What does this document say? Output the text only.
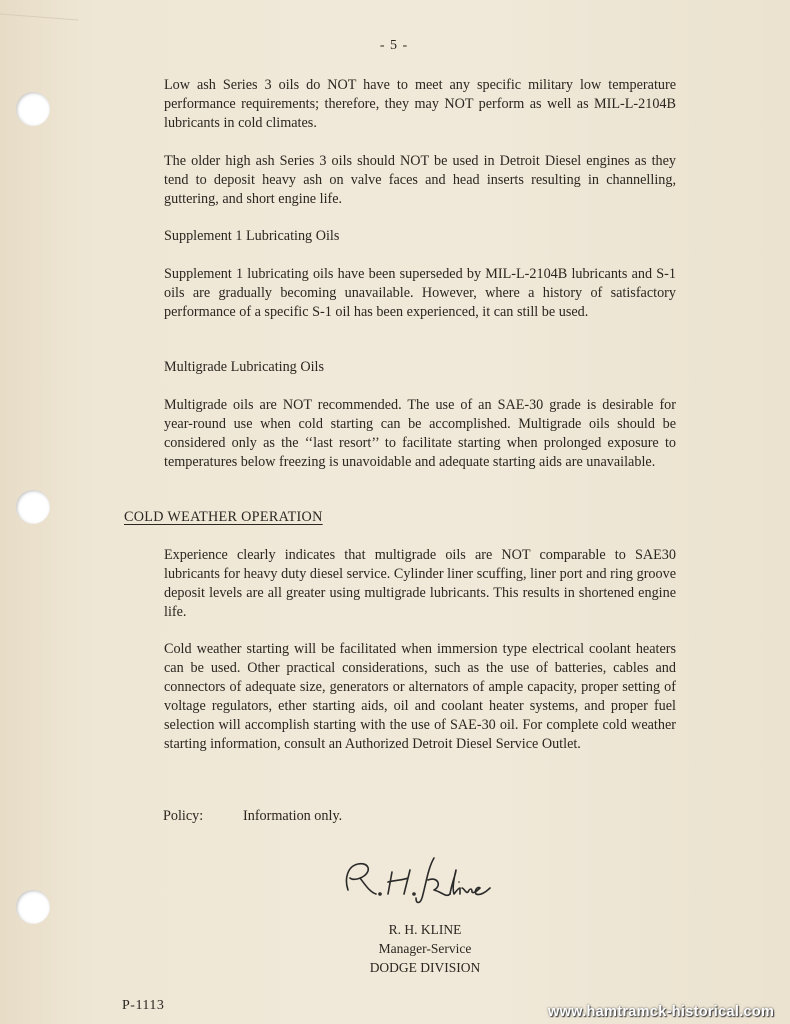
- 5 -
Low ash Series 3 oils do NOT have to meet any specific military low temperature performance requirements; therefore, they may NOT perform as well as MIL-L-2104B lubricants in cold climates.
The older high ash Series 3 oils should NOT be used in Detroit Diesel engines as they tend to deposit heavy ash on valve faces and head inserts resulting in channelling, guttering, and short engine life.
Supplement 1 Lubricating Oils
Supplement 1 lubricating oils have been superseded by MIL-L-2104B lubricants and S-1 oils are gradually becoming unavailable. However, where a history of satisfactory performance of a specific S-1 oil has been experienced, it can still be used.
Multigrade Lubricating Oils
Multigrade oils are NOT recommended. The use of an SAE-30 grade is desirable for year-round use when cold starting can be accomplished. Multigrade oils should be considered only as the ‘‘last resort’’ to facilitate starting when prolonged exposure to temperatures below freezing is unavoidable and adequate starting aids are unavailable.
COLD WEATHER OPERATION
Experience clearly indicates that multigrade oils are NOT comparable to SAE30 lubricants for heavy duty diesel service. Cylinder liner scuffing, liner port and ring groove deposit levels are all greater using multigrade lubricants. This results in shortened engine life.
Cold weather starting will be facilitated when immersion type electrical coolant heaters can be used. Other practical considerations, such as the use of batteries, cables and connectors of adequate size, generators or alternators of ample capacity, proper setting of voltage regulators, ether starting aids, oil and coolant heater systems, and proper fuel selection will accomplish starting with the use of SAE-30 oil. For complete cold weather starting information, consult an Authorized Detroit Diesel Service Outlet.
Policy:	Information only.
R. H. KLINE
Manager-Service
DODGE DIVISION
P-1113	www.hamtramck-historical.com
